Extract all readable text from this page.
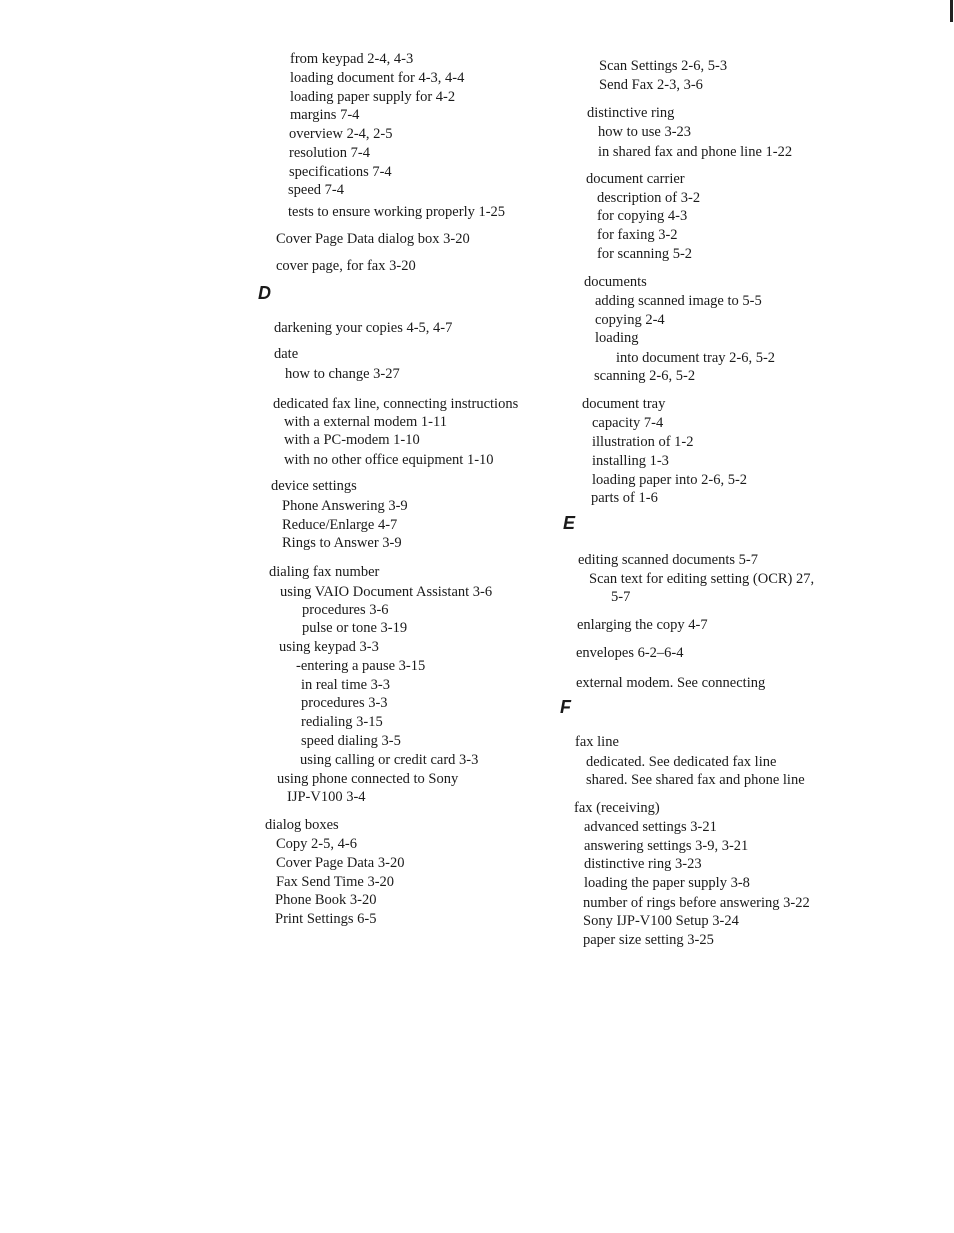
from keypad 2-4, 4-3
loading document for 4-3, 4-4
loading paper supply for 4-2
margins 7-4
overview 2-4, 2-5
resolution 7-4
specifications 7-4
speed 7-4
tests to ensure working properly 1-25
Cover Page Data dialog box 3-20
cover page, for fax 3-20
D
darkening your copies 4-5, 4-7
date
how to change 3-27
dedicated fax line, connecting instructions
with a external modem 1-11
with a PC-modem 1-10
with no other office equipment 1-10
device settings
Phone Answering 3-9
Reduce/Enlarge 4-7
Rings to Answer 3-9
dialing fax number
using VAIO Document Assistant 3-6
procedures 3-6
pulse or tone 3-19
using keypad 3-3
-entering a pause 3-15
in real time 3-3
procedures 3-3
redialing 3-15
speed dialing 3-5
using calling or credit card 3-3
using phone connected to Sony
IJP-V100 3-4
dialog boxes
Copy 2-5, 4-6
Cover Page Data 3-20
Fax Send Time 3-20
Phone Book 3-20
Print Settings 6-5
Scan Settings 2-6, 5-3
Send Fax 2-3, 3-6
distinctive ring
how to use 3-23
in shared fax and phone line 1-22
document carrier
description of 3-2
for copying 4-3
for faxing 3-2
for scanning 5-2
documents
adding scanned image to 5-5
copying 2-4
loading
into document tray 2-6, 5-2
scanning 2-6, 5-2
document tray
capacity 7-4
illustration of 1-2
installing 1-3
loading paper into 2-6, 5-2
parts of 1-6
E
editing scanned documents 5-7
Scan text for editing setting (OCR) 27,
5-7
enlarging the copy 4-7
envelopes 6-2–6-4
external modem. See connecting
F
fax line
dedicated. See dedicated fax line
shared. See shared fax and phone line
fax (receiving)
advanced settings 3-21
answering settings 3-9, 3-21
distinctive ring 3-23
loading the paper supply 3-8
number of rings before answering 3-22
Sony IJP-V100 Setup 3-24
paper size setting 3-25
